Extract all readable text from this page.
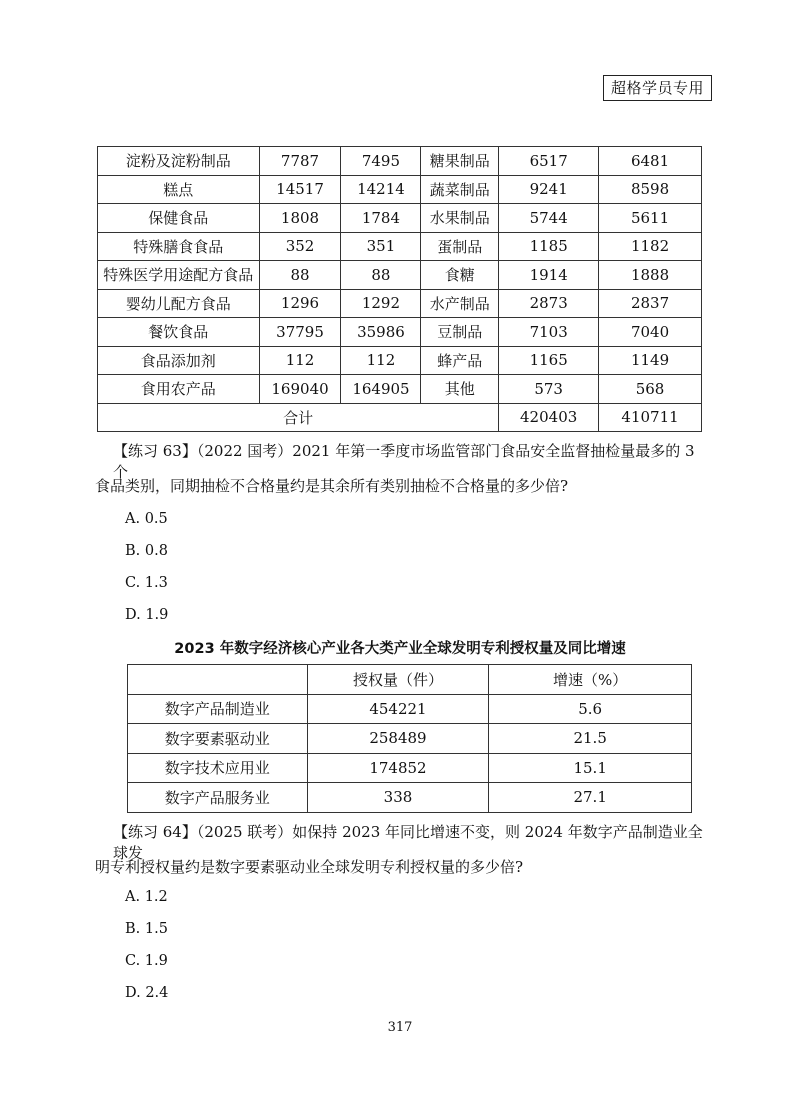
超格学员专用
淀粉及淀粉制品	7787	7495	糖果制品	6517	6481
糕点	14517	14214	蔬菜制品	9241	8598
保健食品	1808	1784	水果制品	5744	5611
特殊膳食食品	352	351	蛋制品	1185	1182
特殊医学用途配方食品	88	88	食糖	1914	1888
婴幼儿配方食品	1296	1292	水产制品	2873	2837
餐饮食品	37795	35986	豆制品	7103	7040
食品添加剂	112	112	蜂产品	1165	1149
食用农产品	169040	164905	其他	573	568
合计				420403	410711
【练习 63】（2022 国考）2021 年第一季度市场监管部门食品安全监督抽检量最多的 3 个
食品类别，同期抽检不合格量约是其余所有类别抽检不合格量的多少倍?
A. 0.5
B. 0.8
C. 1.3
D. 1.9
2023 年数字经济核心产业各大类产业全球发明专利授权量及同比增速
	授权量（件）	增速（%）
数字产品制造业	454221	5.6
数字要素驱动业	258489	21.5
数字技术应用业	174852	15.1
数字产品服务业	338	27.1
【练习 64】（2025 联考）如保持 2023 年同比增速不变，则 2024 年数字产品制造业全球发
明专利授权量约是数字要素驱动业全球发明专利授权量的多少倍?
A. 1.2
B. 1.5
C. 1.9
D. 2.4
317
